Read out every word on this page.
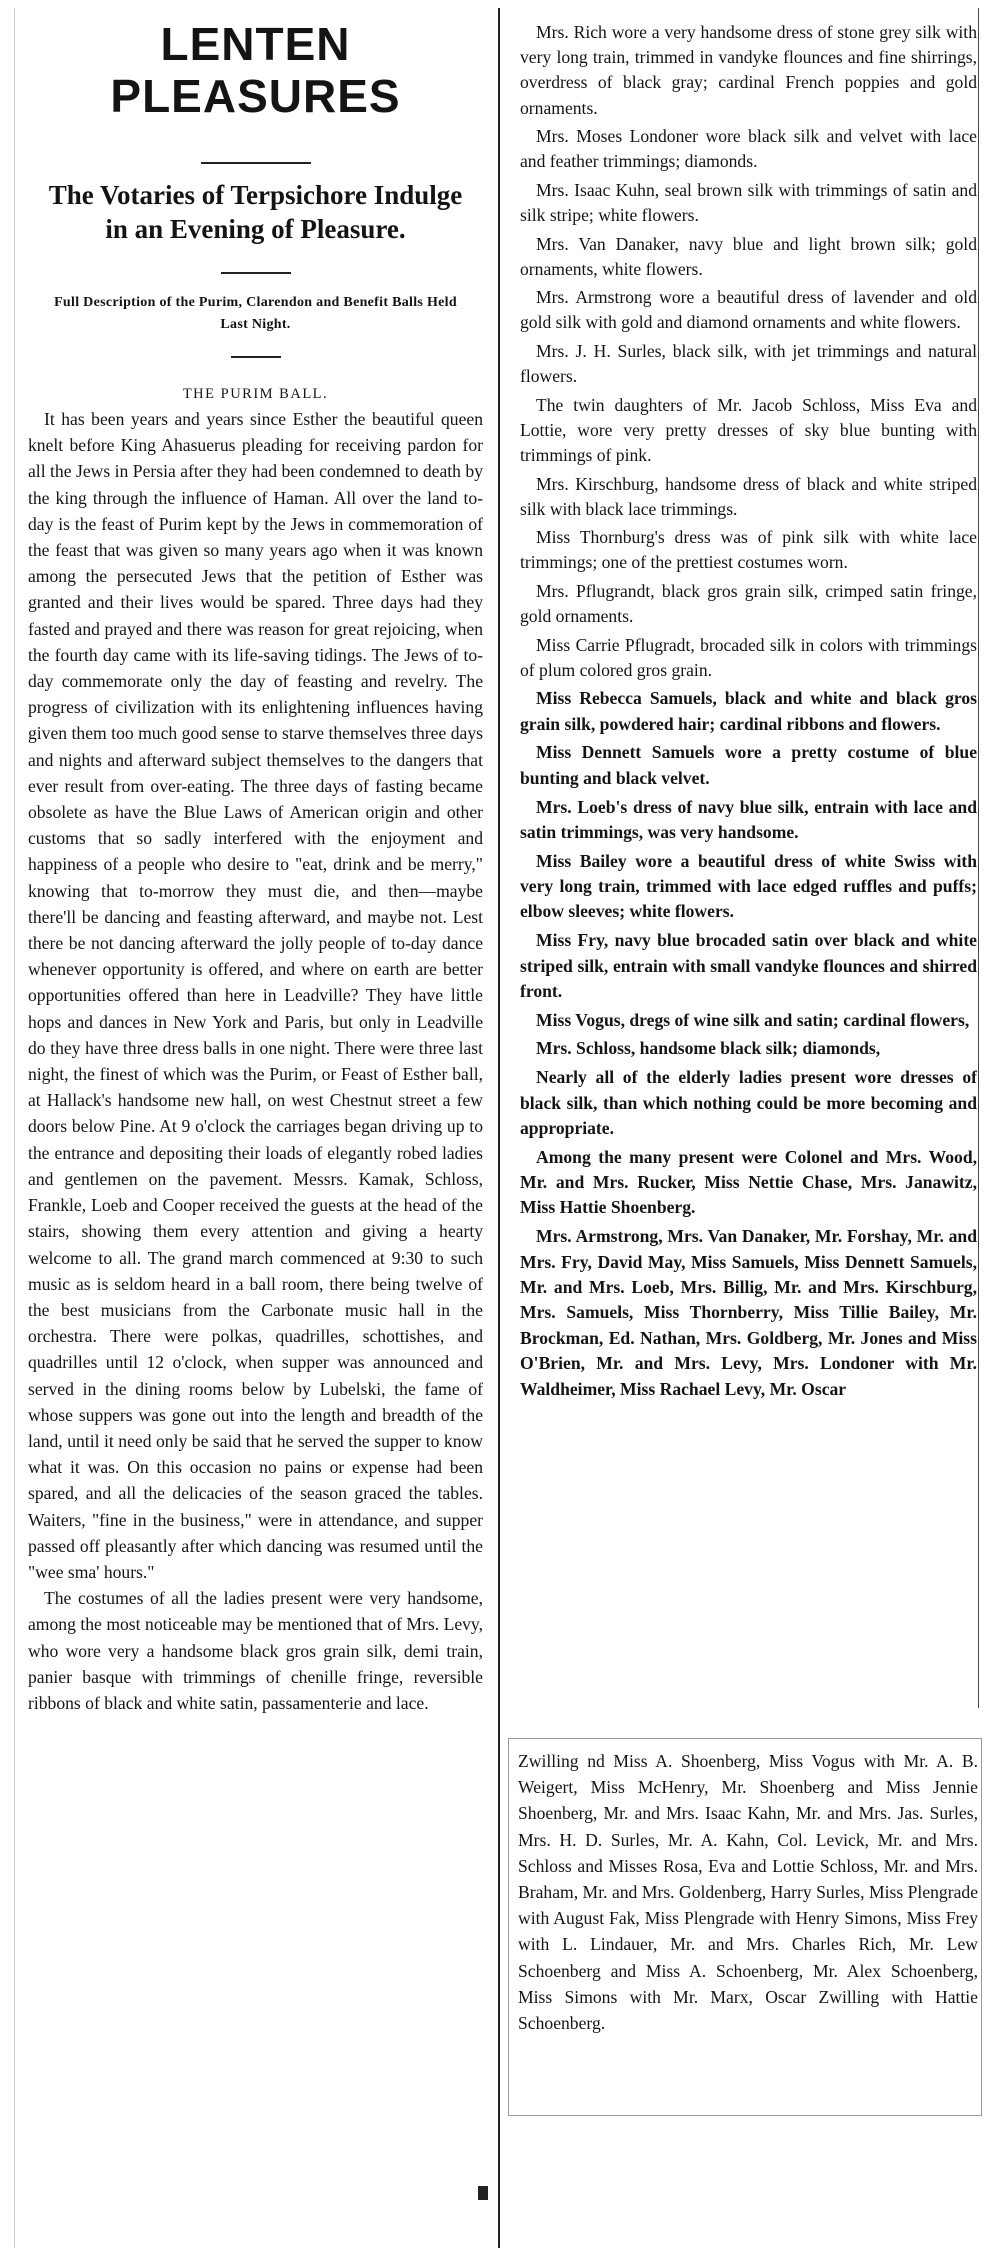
LENTEN PLEASURES
The Votaries of Terpsichore Indulge in an Evening of Pleasure.
Full Description of the Purim, Clarendon and Benefit Balls Held Last Night.
THE PURIM BALL.

It has been years and years since Esther the beautiful queen knelt before King Ahasuerus pleading for receiving pardon for all the Jews in Persia after they had been condemned to death by the king through the influence of Haman. All over the land to-day is the feast of Purim kept by the Jews in commemoration of the feast that was given so many years ago when it was known among the persecuted Jews that the petition of Esther was granted and their lives would be spared. Three days had they fasted and prayed and there was reason for great rejoicing, when the fourth day came with its life-saving tidings. The Jews of to-day commemorate only the day of feasting and revelry. The progress of civilization with its enlightening influences having given them too much good sense to starve themselves three days and nights and afterward subject themselves to the dangers that ever result from over-eating. The three days of fasting became obsolete as have the Blue Laws of American origin and other customs that so sadly interfered with the enjoyment and happiness of a people who desire to "eat, drink and be merry," knowing that to-morrow they must die, and then—maybe there'll be dancing and feasting afterward, and maybe not. Lest there be not dancing afterward the jolly people of to-day dance whenever opportunity is offered, and where on earth are better opportunities offered than here in Leadville? They have little hops and dances in New York and Paris, but only in Leadville do they have three dress balls in one night. There were three last night, the finest of which was the Purim, or Feast of Esther ball, at Hallack's handsome new hall, on west Chestnut street a few doors below Pine. At 9 o'clock the carriages began driving up to the entrance and depositing their loads of elegantly robed ladies and gentlemen on the pavement. Messrs. Kamak, Schloss, Frankle, Loeb and Cooper received the guests at the head of the stairs, showing them every attention and giving a hearty welcome to all. The grand march commenced at 9:30 to such music as is seldom heard in a ball room, there being twelve of the best musicians from the Carbonate music hall in the orchestra. There were polkas, quadrilles, schottishes, and quadrilles until 12 o'clock, when supper was announced and served in the dining rooms below by Lubelski, the fame of whose suppers was gone out into the length and breadth of the land, until it need only be said that he served the supper to know what it was. On this occasion no pains or expense had been spared, and all the delicacies of the season graced the tables. Waiters, "fine in the business," were in attendance, and supper passed off pleasantly after which dancing was resumed until the "wee sma' hours."

The costumes of all the ladies present were very handsome, among the most noticeable may be mentioned that of Mrs. Levy, who wore very a handsome black gros grain silk, demi train, panier basque with trimmings of chenille fringe, reversible ribbons of black and white satin, passamenterie and lace.

Mrs. Rich wore a very handsome dress of stone grey silk with very long train, trimmed in vandyke flounces and fine shirrings, overdress of black gray; cardinal French poppies and gold ornaments.

Mrs. Moses Londoner wore black silk and velvet with lace and feather trimmings; diamonds.

Mrs. Isaac Kuhn, seal brown silk with trimmings of satin and silk stripe; white flowers.

Mrs. Van Danaker, navy blue and light brown silk; gold ornaments, white flowers.

Mrs. Armstrong wore a beautiful dress of lavender and old gold silk with gold and diamond ornaments and white flowers.

Mrs. J. H. Surles, black silk, with jet trimmings and natural flowers.

The twin daughters of Mr. Jacob Schloss, Miss Eva and Lottie, wore very pretty dresses of sky blue bunting with trimmings of pink.

Mrs. Kirschburg, handsome dress of black and white striped silk with black lace trimmings.

Miss Thornburg's dress was of pink silk with white lace trimmings; one of the prettiest costumes worn.

Mrs. Pflugrandt, black gros grain silk, crimped satin fringe, gold ornaments.

Miss Carrie Pflugradt, brocaded silk in colors with trimmings of plum colored gros grain.

Miss Rebecca Samuels, black and white and black gros grain silk, powdered hair; cardinal ribbons and flowers.

Miss Dennett Samuels wore a pretty costume of blue bunting and black velvet.

Mrs. Loeb's dress of navy blue silk, entrain with lace and satin trimmings, was very handsome.

Miss Bailey wore a beautiful dress of white Swiss with very long train, trimmed with lace edged ruffles and puffs; elbow sleeves; white flowers.

Miss Fry, navy blue brocaded satin over black and white striped silk, entrain with small vandyke flounces and shirred front.

Miss Vogus, dregs of wine silk and satin; cardinal flowers,

Mrs. Schloss, handsome black silk; diamonds,

Nearly all of the elderly ladies present wore dresses of black silk, than which nothing could be more becoming and appropriate.

Among the many present were Colonel and Mrs. Wood, Mr. and Mrs. Rucker, Miss Nettie Chase, Mrs. Janawitz, Miss Hattie Shoenberg.

Mrs. Armstrong, Mrs. Van Danaker, Mr. Forshay, Mr. and Mrs. Fry, David May, Miss Samuels, Miss Dennett Samuels, Mr. and Mrs. Loeb, Mrs. Billig, Mr. and Mrs. Kirschburg, Mrs. Samuels, Miss Thornberry, Miss Tillie Bailey, Mr. Brockman, Ed. Nathan, Mrs. Goldberg, Mr. Jones and Miss O'Brien, Mr. and Mrs. Levy, Mrs. Londoner with Mr. Waldheimer, Miss Rachael Levy, Mr. Oscar

Zwilling nd Miss A. Shoenberg, Miss Vogus with Mr. A. B. Weigert, Miss McHenry, Mr. Shoenberg and Miss Jennie Shoenberg, Mr. and Mrs. Isaac Kahn, Mr. and Mrs. Jas. Surles, Mrs. H. D. Surles, Mr. A. Kahn, Col. Levick, Mr. and Mrs. Schloss and Misses Rosa, Eva and Lottie Schloss, Mr. and Mrs. Braham, Mr. and Mrs. Goldenberg, Harry Surles, Miss Plengrade with August Fak, Miss Plengrade with Henry Simons, Miss Frey with L. Lindauer, Mr. and Mrs. Charles Rich, Mr. Lew Schoenberg and Miss A. Schoenberg, Mr. Alex Schoenberg, Miss Simons with Mr. Marx, Oscar Zwilling with Hattie Schoenberg.
